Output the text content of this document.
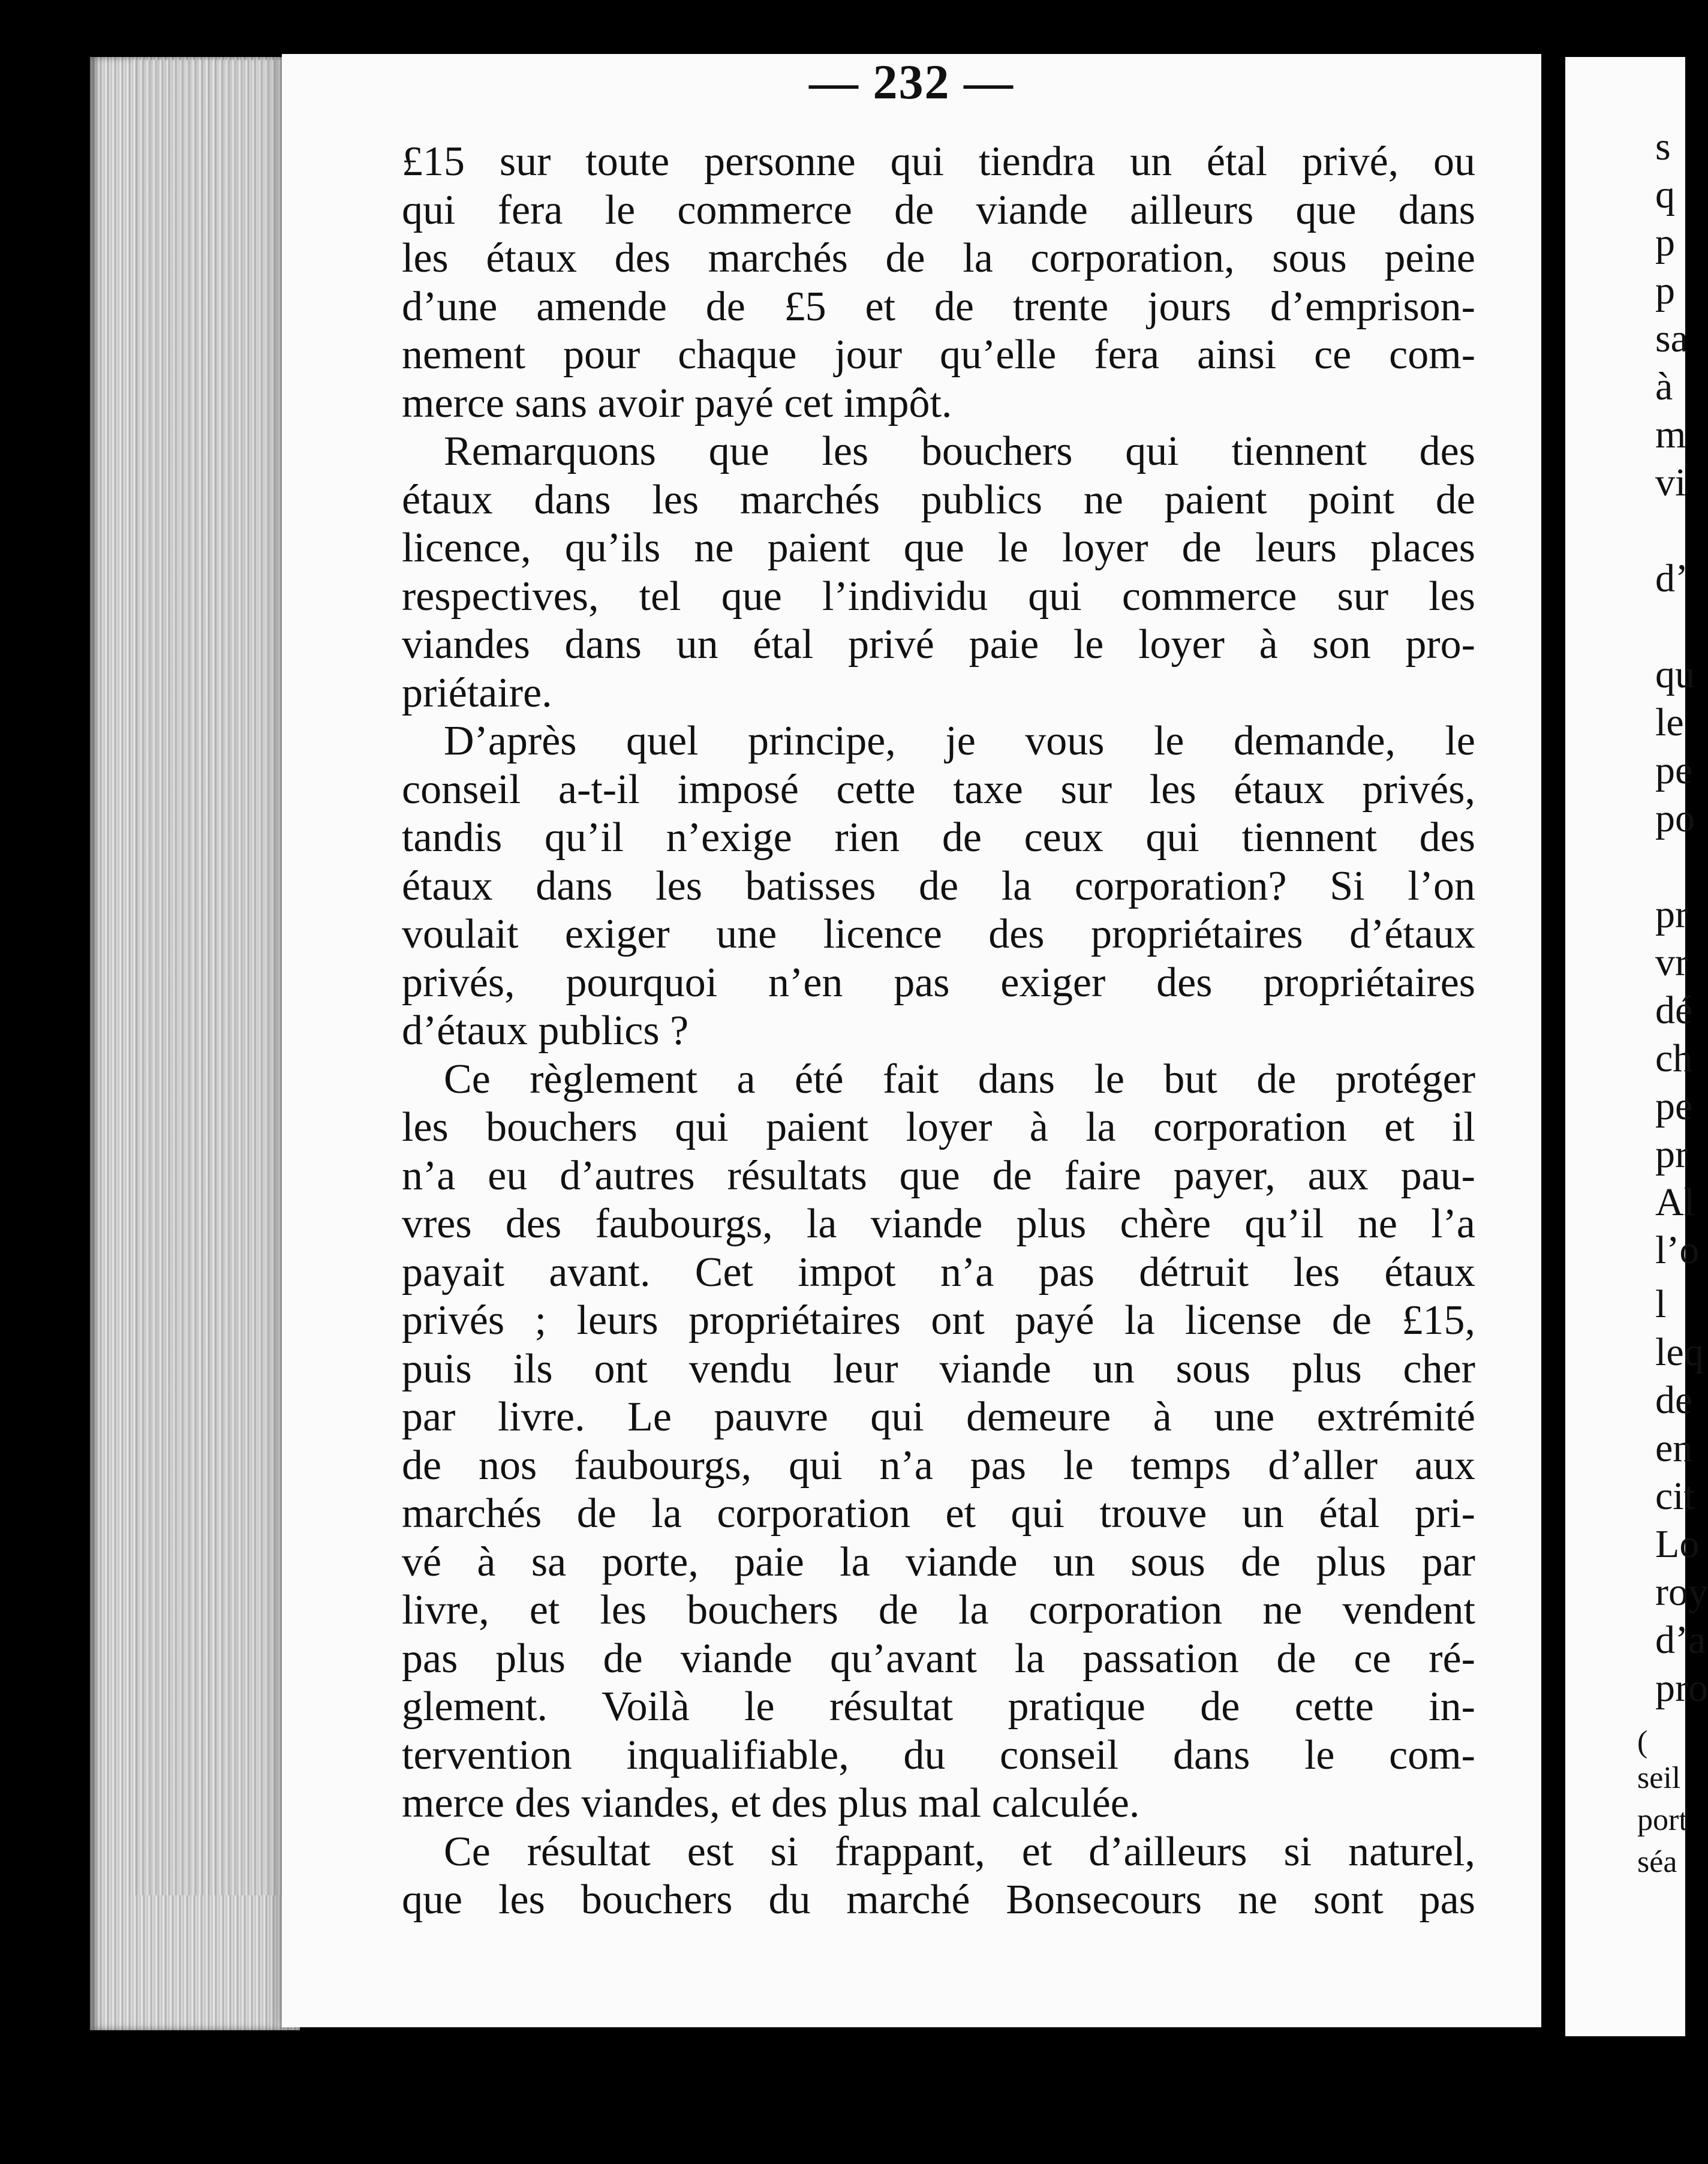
— 232 —
£15 sur toute personne qui tiendra un étal privé, ou
qui fera le commerce de viande ailleurs que dans
les étaux des marchés de la corporation, sous peine
d’une amende de £5 et de trente jours d’emprison-
nement pour chaque jour qu’elle fera ainsi ce com-
merce sans avoir payé cet impôt.
Remarquons que les bouchers qui tiennent des
étaux dans les marchés publics ne paient point de
licence, qu’ils ne paient que le loyer de leurs places
respectives, tel que l’individu qui commerce sur les
viandes dans un étal privé paie le loyer à son pro-
priétaire.
D’après quel principe, je vous le demande, le
conseil a-t-il imposé cette taxe sur les étaux privés,
tandis qu’il n’exige rien de ceux qui tiennent des
étaux dans les batisses de la corporation? Si l’on
voulait exiger une licence des propriétaires d’étaux
privés, pourquoi n’en pas exiger des propriétaires
d’étaux publics ?
Ce règlement a été fait dans le but de protéger
les bouchers qui paient loyer à la corporation et il
n’a eu d’autres résultats que de faire payer, aux pau-
vres des faubourgs, la viande plus chère qu’il ne l’a
payait avant. Cet impot n’a pas détruit les étaux
privés ; leurs propriétaires ont payé la license de £15,
puis ils ont vendu leur viande un sous plus cher
par livre. Le pauvre qui demeure à une extrémité
de nos faubourgs, qui n’a pas le temps d’aller aux
marchés de la corporation et qui trouve un étal pri-
vé à sa porte, paie la viande un sous de plus par
livre, et les bouchers de la corporation ne vendent
pas plus de viande qu’avant la passation de ce ré-
glement. Voilà le résultat pratique de cette in-
tervention inqualifiable, du conseil dans le com-
merce des viandes, et des plus mal calculée.
Ce résultat est si frappant, et d’ailleurs si naturel,
que les bouchers du marché Bonsecours ne sont pas
s
q
p
p
sa
à
m
vi
d’
qu
le
pe
po
pr
vr
dé
ch
pe
pr
Al
l’o
l
leq
de
en
cit
Lo
roy
d’a
pro
(
seil
port
séa
